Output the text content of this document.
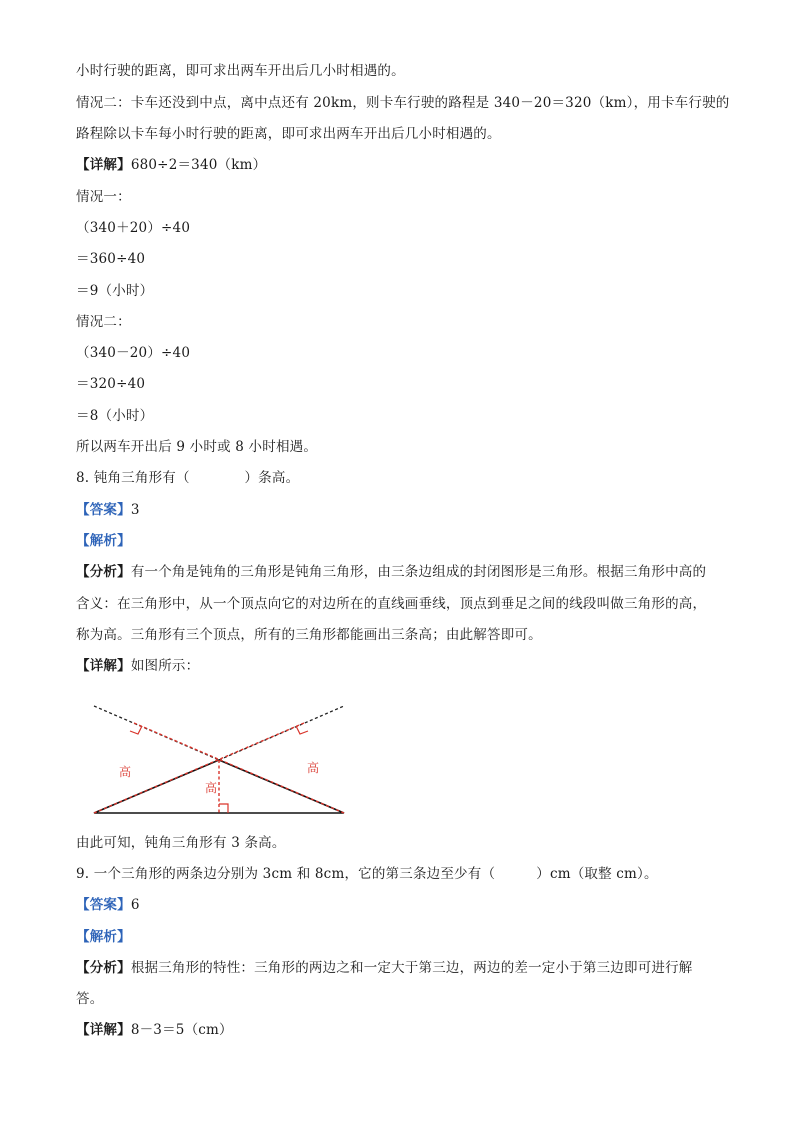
小时行驶的距离，即可求出两车开出后几小时相遇的。
情况二：卡车还没到中点，离中点还有 20km，则卡车行驶的路程是 340－20＝320（km），用卡车行驶的
路程除以卡车每小时行驶的距离，即可求出两车开出后几小时相遇的。
【详解】680÷2＝340（km）
情况一：
（340＋20）÷40
＝360÷40
＝9（小时）
情况二：
（340－20）÷40
＝320÷40
＝8（小时）
所以两车开出后 9 小时或 8 小时相遇。
8. 钝角三角形有（　　　　）条高。
【答案】3
【解析】
【分析】有一个角是钝角的三角形是钝角三角形，由三条边组成的封闭图形是三角形。根据三角形中高的
含义：在三角形中，从一个顶点向它的对边所在的直线画垂线，顶点到垂足之间的线段叫做三角形的高，
称为高。三角形有三个顶点，所有的三角形都能画出三条高；由此解答即可。
【详解】如图所示：
高
高
高
由此可知，钝角三角形有 3 条高。
9. 一个三角形的两条边分别为 3cm 和 8cm，它的第三条边至少有（　　　）cm（取整 cm）。
【答案】6
【解析】
【分析】根据三角形的特性：三角形的两边之和一定大于第三边，两边的差一定小于第三边即可进行解
答。
【详解】8－3＝5（cm）
